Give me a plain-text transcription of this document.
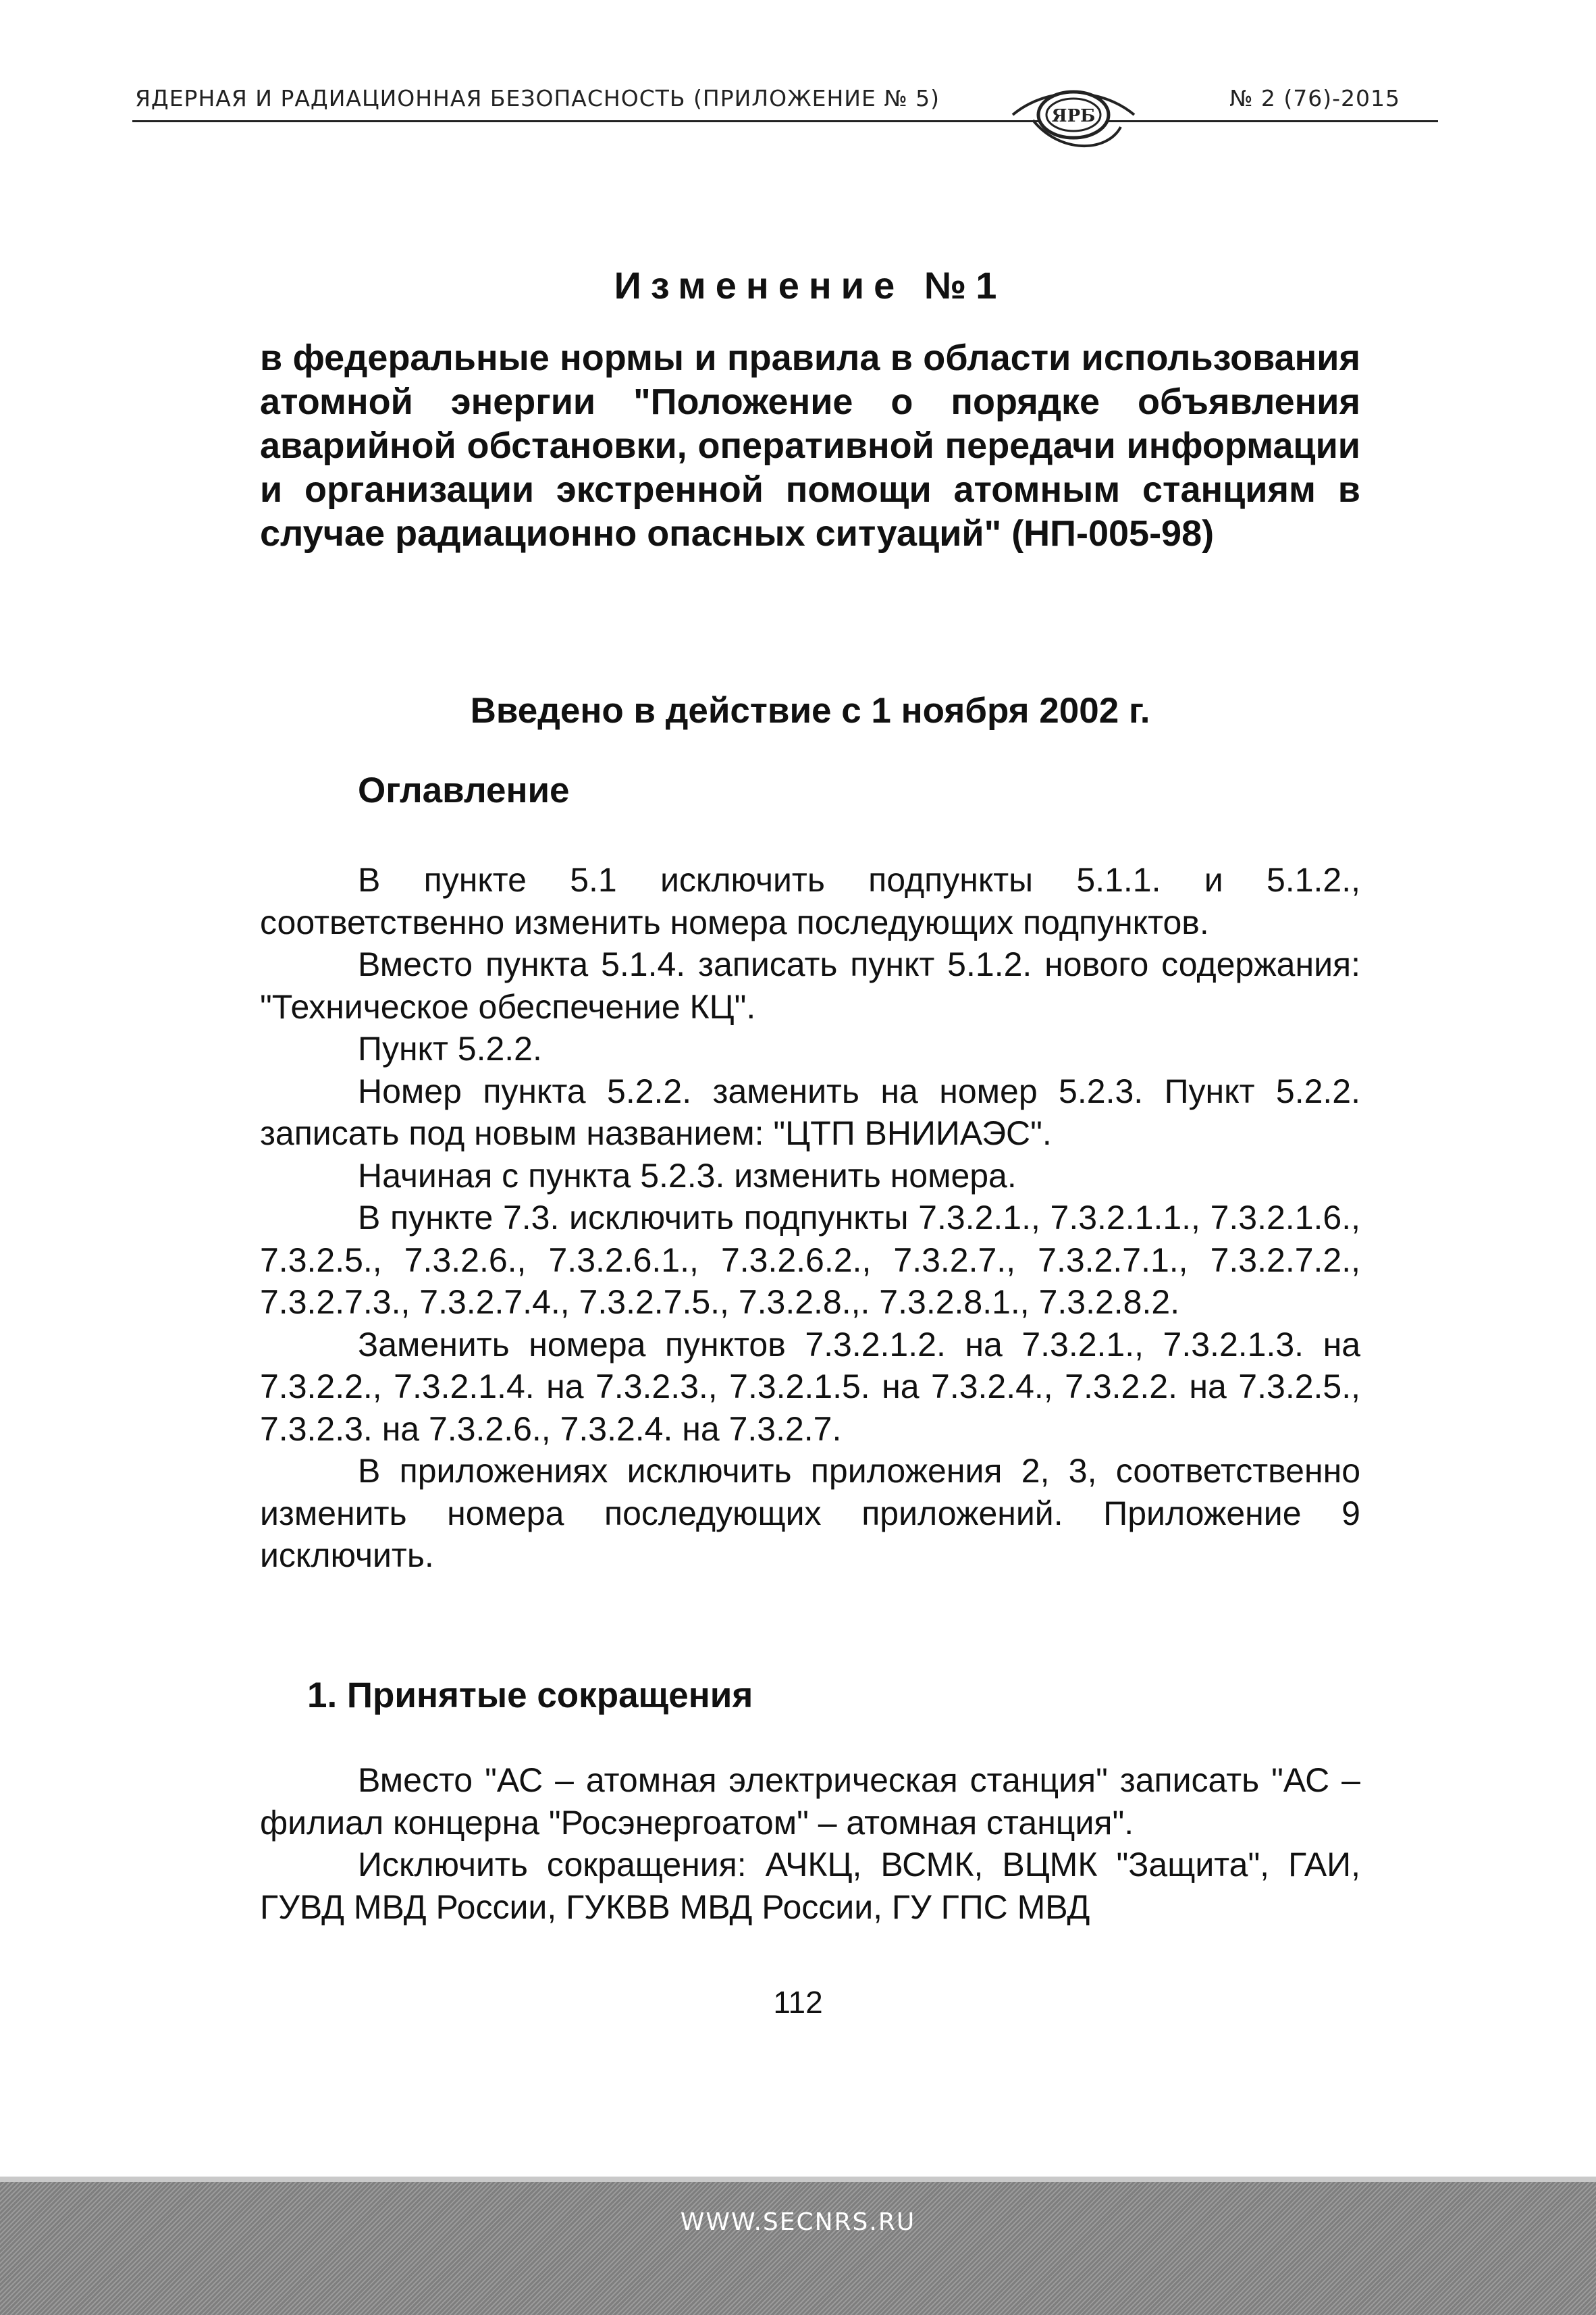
ЯДЕРНАЯ И РАДИАЦИОННАЯ БЕЗОПАСНОСТЬ (ПРИЛОЖЕНИЕ № 5)	№ 2 (76)-2015
ЯРБ
Изменение №1
в федеральные нормы и правила в области использования атомной энергии "Положение о порядке объявления аварийной обстановки, оперативной передачи информации и организации экстренной помощи атомным станциям в случае радиационно опасных ситуаций" (НП-005-98)
Введено в действие с 1 ноября 2002 г.
Оглавление

В пункте 5.1 исключить подпункты 5.1.1. и 5.1.2., соответственно изменить номера последующих подпунктов.

Вместо пункта 5.1.4. записать пункт 5.1.2. нового содержания: "Техническое обеспечение КЦ".

Пункт 5.2.2.

Номер пункта 5.2.2. заменить на номер 5.2.3. Пункт 5.2.2. записать под новым названием: "ЦТП ВНИИАЭС".

Начиная с пункта 5.2.3. изменить номера.

В пункте 7.3. исключить подпункты 7.3.2.1., 7.3.2.1.1., 7.3.2.1.6., 7.3.2.5., 7.3.2.6., 7.3.2.6.1., 7.3.2.6.2., 7.3.2.7., 7.3.2.7.1., 7.3.2.7.2., 7.3.2.7.3., 7.3.2.7.4., 7.3.2.7.5., 7.3.2.8.,. 7.3.2.8.1., 7.3.2.8.2.

Заменить номера пунктов 7.3.2.1.2. на 7.3.2.1., 7.3.2.1.3. на 7.3.2.2., 7.3.2.1.4. на 7.3.2.3., 7.3.2.1.5. на 7.3.2.4., 7.3.2.2. на 7.3.2.5., 7.3.2.3. на 7.3.2.6., 7.3.2.4. на 7.3.2.7.

В приложениях исключить приложения 2, 3, соответственно изменить номера последующих приложений. Приложение 9 исключить.

1. Принятые сокращения

Вместо "АС – атомная электрическая станция" записать "АС – филиал концерна "Росэнергоатом" – атомная станция".

Исключить сокращения: АЧКЦ, ВСМК, ВЦМК "Защита", ГАИ, ГУВД МВД России, ГУКВВ МВД России, ГУ ГПС МВД

112
WWW.SECNRS.RU
